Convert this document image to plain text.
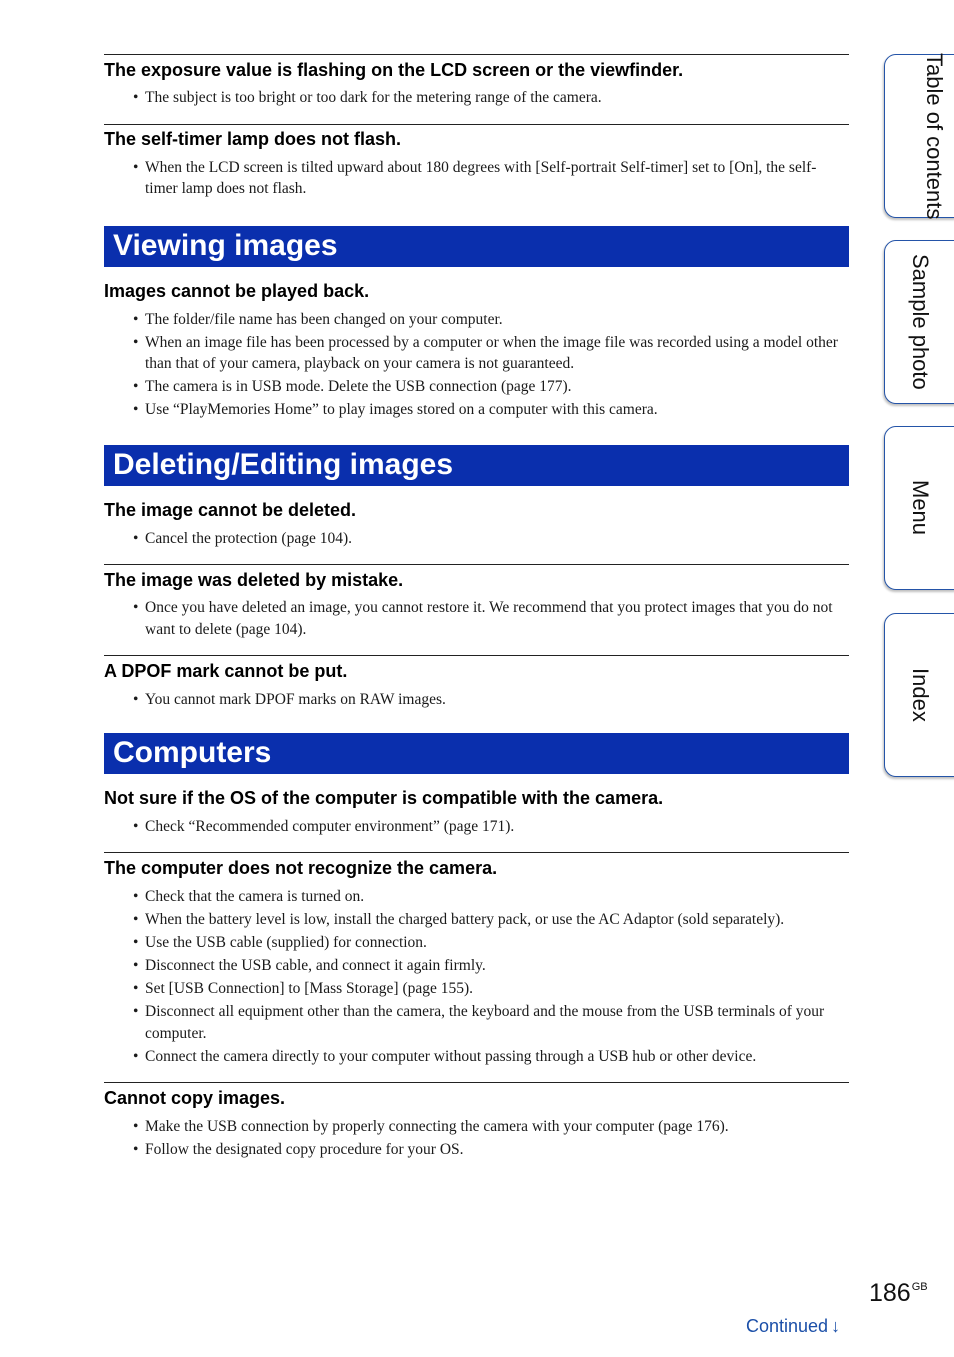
The exposure value is flashing on the LCD screen or the viewfinder.
• The subject is too bright or too dark for the metering range of the camera.
The self-timer lamp does not flash.
• When the LCD screen is tilted upward about 180 degrees with [Self-portrait Self-timer] set to [On], the self-timer lamp does not flash.
Viewing images
Images cannot be played back.
• The folder/file name has been changed on your computer.
• When an image file has been processed by a computer or when the image file was recorded using a model other than that of your camera, playback on your camera is not guaranteed.
• The camera is in USB mode. Delete the USB connection (page 177).
• Use “PlayMemories Home” to play images stored on a computer with this camera.
Deleting/Editing images
The image cannot be deleted.
• Cancel the protection (page 104).
The image was deleted by mistake.
• Once you have deleted an image, you cannot restore it. We recommend that you protect images that you do not want to delete (page 104).
A DPOF mark cannot be put.
• You cannot mark DPOF marks on RAW images.
Computers
Not sure if the OS of the computer is compatible with the camera.
• Check “Recommended computer environment” (page 171).
The computer does not recognize the camera.
• Check that the camera is turned on.
• When the battery level is low, install the charged battery pack, or use the AC Adaptor (sold separately).
• Use the USB cable (supplied) for connection.
• Disconnect the USB cable, and connect it again firmly.
• Set [USB Connection] to [Mass Storage] (page 155).
• Disconnect all equipment other than the camera, the keyboard and the mouse from the USB terminals of your computer.
• Connect the camera directly to your computer without passing through a USB hub or other device.
Cannot copy images.
• Make the USB connection by properly connecting the camera with your computer (page 176).
• Follow the designated copy procedure for your OS.
Table of contents
Sample photo
Menu
Index
$186^{GB}$
Continued ↓
